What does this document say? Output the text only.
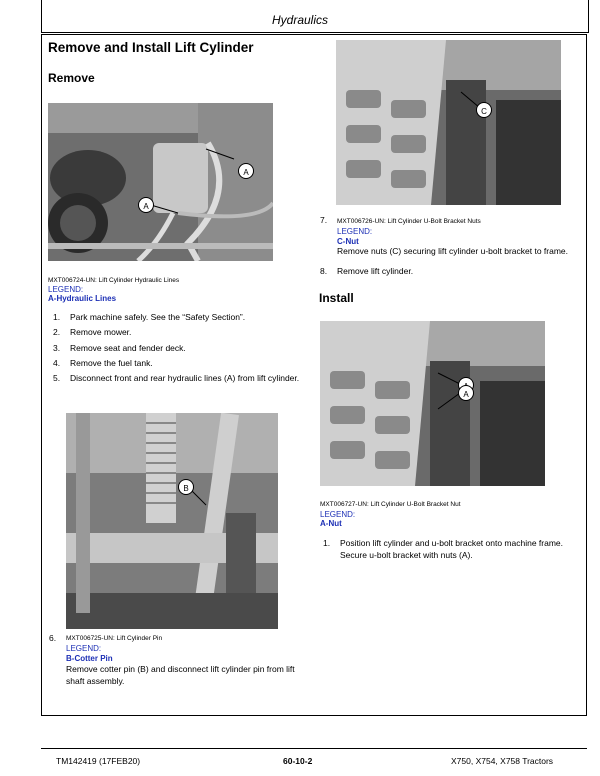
Hydraulics
Remove and Install Lift Cylinder
Remove
A
A
MXT006724-UN: Lift Cylinder Hydraulic Lines
LEGEND:
A-Hydraulic Lines
1. Park machine safely. See the “Safety Section”.
2. Remove mower.
3. Remove seat and fender deck.
4. Remove the fuel tank.
5. Disconnect front and rear hydraulic lines (A) from lift cylinder.
B
6. MXT006725-UN: Lift Cylinder Pin
LEGEND:
B-Cotter Pin
Remove cotter pin (B) and disconnect lift cylinder pin from lift shaft assembly.
C
7. MXT006726-UN: Lift Cylinder U-Bolt Bracket Nuts
LEGEND:
C-Nut
Remove nuts (C) securing lift cylinder u-bolt bracket to frame.
8. Remove lift cylinder.
Install
A
MXT006727-UN: Lift Cylinder U-Bolt Bracket Nut
LEGEND:
A-Nut
1. Position lift cylinder and u-bolt bracket onto machine frame. Secure u-bolt bracket with nuts (A).
TM142419 (17FEB20)	60-10-2	X750, X754, X758 Tractors
